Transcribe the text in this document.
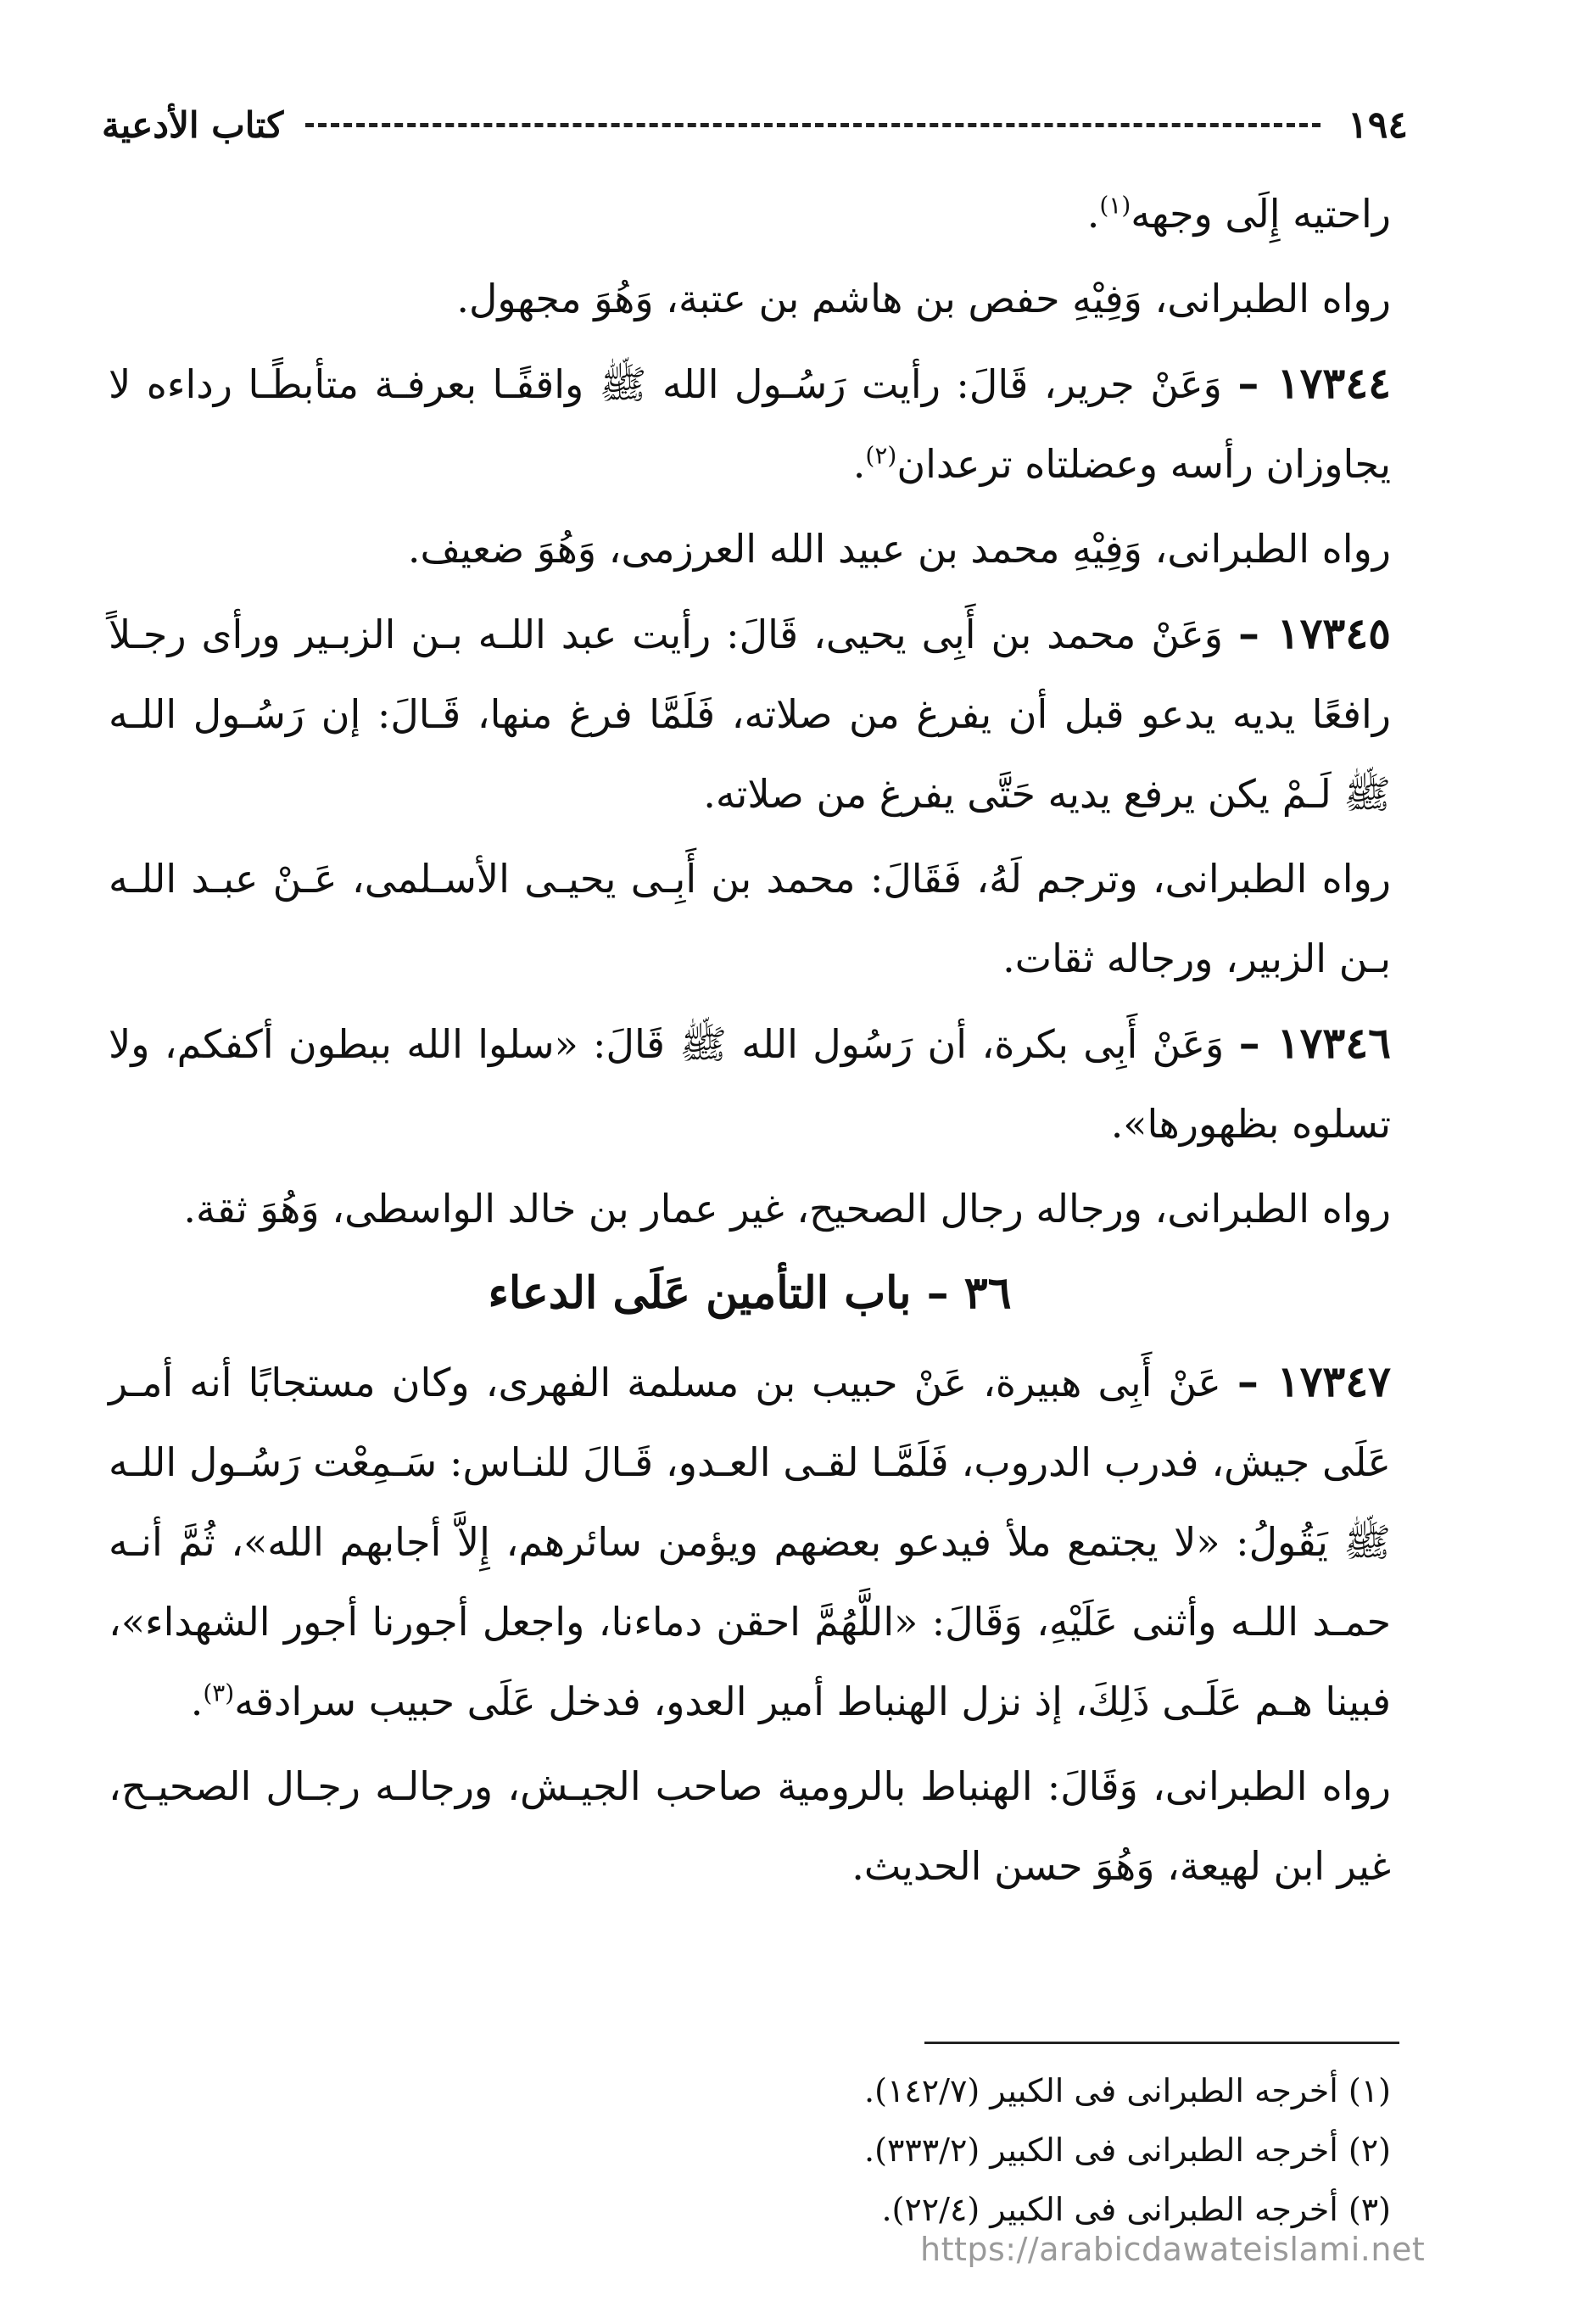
١٩٤
كتاب الأدعية

راحتيه إِلَى وجهه$^{(١)}$.

رواه الطبرانى، وَفِيْهِ حفص بن هاشم بن عتبة، وَهُوَ مجهول.

١٧٣٤٤ – وَعَنْ جرير، قَالَ: رأيت رَسُـول الله ﷺ واقفًـا بعرفـة متأبطًـا رداءه لا يجاوزان رأسه وعضلتاه ترعدان$^{(٢)}$.

رواه الطبرانى، وَفِيْهِ محمد بن عبيد الله العرزمى، وَهُوَ ضعيف.

١٧٣٤٥ – وَعَنْ محمد بن أَبِى يحيى، قَالَ: رأيت عبد اللـه بـن الزبـير ورأى رجـلاً رافعًا يديه يدعو قبل أن يفرغ من صلاته، فَلَمَّا فرغ منها، قَـالَ: إن رَسُـول اللـه ﷺ لَـمْ يكن يرفع يديه حَتَّى يفرغ من صلاته.

رواه الطبرانى، وترجم لَهُ، فَقَالَ: محمد بن أَبِـى يحيـى الأسـلمى، عَـنْ عبـد اللـه بـن الزبير، ورجاله ثقات.

١٧٣٤٦ – وَعَنْ أَبِى بكرة، أن رَسُول الله ﷺ قَالَ: «سلوا الله ببطون أكفكم، ولا تسلوه بظهورها».

رواه الطبرانى، ورجاله رجال الصحيح، غير عمار بن خالد الواسطى، وَهُوَ ثقة.

٣٦ – باب التأمين عَلَى الدعاء

١٧٣٤٧ – عَنْ أَبِى هبيرة، عَنْ حبيب بن مسلمة الفهرى، وكان مستجابًا أنه أمـر عَلَى جيش، فدرب الدروب، فَلَمَّـا لقـى العـدو، قَـالَ للنـاس: سَـمِعْت رَسُـول اللـه ﷺ يَقُولُ: «لا يجتمع ملأ فيدعو بعضهم ويؤمن سائرهم، إِلاَّ أجابهم الله»، ثُمَّ أنـه حمـد اللـه وأثنى عَلَيْهِ، وَقَالَ: «اللَّهُمَّ احقن دماءنا، واجعل أجورنا أجور الشهداء»، فبينا هـم عَلَـى ذَلِكَ، إذ نزل الهنباط أمير العدو، فدخل عَلَى حبيب سرادقه$^{(٣)}$.

رواه الطبرانى، وَقَالَ: الهنباط بالرومية صاحب الجيـش، ورجالـه رجـال الصحيـح، غير ابن لهيعة، وَهُوَ حسن الحديث.

(١) أخرجه الطبرانى فى الكبير (١٤٢/٧).
(٢) أخرجه الطبرانى فى الكبير (٣٣٣/٢).
(٣) أخرجه الطبرانى فى الكبير (٢٢/٤).
https://arabicdawateislami.net
